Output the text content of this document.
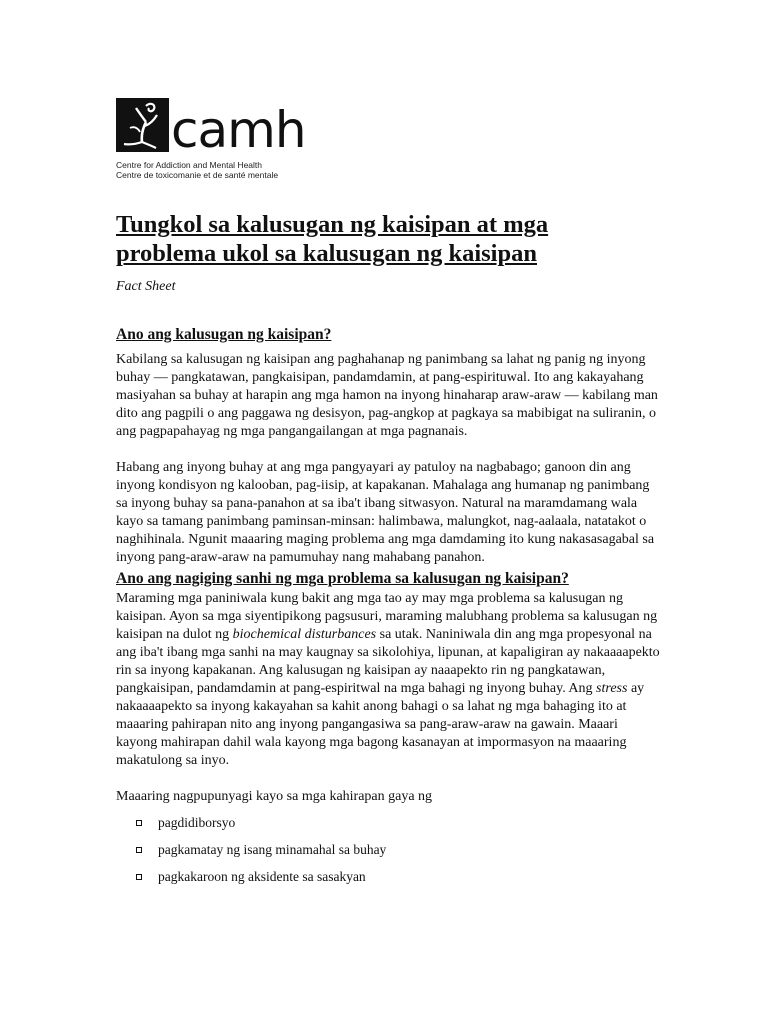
camh
Centre for Addiction and Mental Health
Centre de toxicomanie et de santé mentale
Tungkol sa kalusugan ng kaisipan at mga problema ukol sa kalusugan ng kaisipan
Fact Sheet
Ano ang kalusugan ng kaisipan?

Kabilang sa kalusugan ng kaisipan ang paghahanap ng panimbang sa lahat ng panig ng inyong buhay — pangkatawan, pangkaisipan, pandamdamin, at pang-espirituwal. Ito ang kakayahang masiyahan sa buhay at harapin ang mga hamon na inyong hinaharap araw-araw — kabilang man dito ang pagpili o ang paggawa ng desisyon, pag-angkop at pagkaya sa mabibigat na suliranin, o ang pagpapahayag ng mga pangangailangan at mga pagnanais.

Habang ang inyong buhay at ang mga pangyayari ay patuloy na nagbabago; ganoon din ang inyong kondisyon ng kalooban, pag-iisip, at kapakanan. Mahalaga ang humanap ng panimbang sa inyong buhay sa pana-panahon at sa iba't ibang sitwasyon. Natural na maramdamang wala kayo sa tamang panimbang paminsan-minsan: halimbawa, malungkot, nag-aalaala, natatakot o naghihinala. Ngunit maaaring maging problema ang mga damdaming ito kung nakasasagabal sa inyong pang-araw-araw na pamumuhay nang mahabang panahon.

Ano ang nagiging sanhi ng mga problema sa kalusugan ng kaisipan?

Maraming mga paniniwala kung bakit ang mga tao ay may mga problema sa kalusugan ng kaisipan. Ayon sa mga siyentipikong pagsusuri, maraming malubhang problema sa kalusugan ng kaisipan na dulot ng biochemical disturbances sa utak. Naniniwala din ang mga propesyonal na ang iba't ibang mga sanhi na may kaugnay sa sikolohiya, lipunan, at kapaligiran ay nakaaaapekto rin sa inyong kapakanan. Ang kalusugan ng kaisipan ay naaapekto rin ng pangkatawan, pangkaisipan, pandamdamin at pang-espiritwal na mga bahagi ng inyong buhay. Ang stress ay nakaaaapekto sa inyong kakayahan sa kahit anong bahagi o sa lahat ng mga bahaging ito at maaaring pahirapan nito ang inyong pangangasiwa sa pang-araw-araw na gawain. Maaari kayong mahirapan dahil wala kayong mga bagong kasanayan at impormasyon na maaaring makatulong sa inyo.

Maaaring nagpupunyagi kayo sa mga kahirapan gaya ng

pagdidiborsyo
pagkamatay ng isang minamahal sa buhay
pagkakaroon ng aksidente sa sasakyan
